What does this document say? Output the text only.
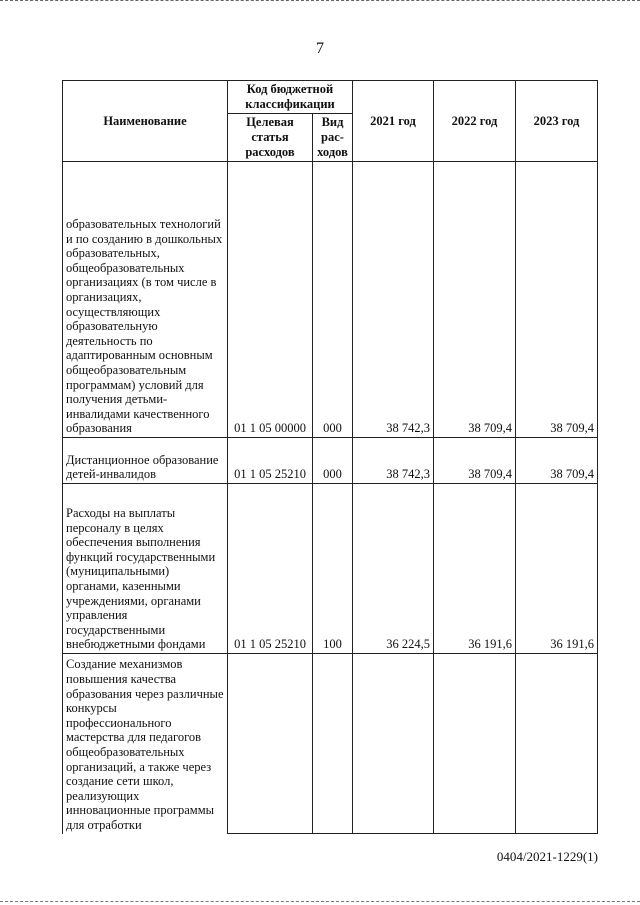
7
Наименование	Код бюджетной классификации		2021 год	2022 год	2023 год
	Целевая статья расходов	Вид рас-ходов			
образовательных технологий и по созданию в дошкольных образовательных, общеобразовательных организациях (в том числе в организациях, осуществляющих образовательную деятельность по адаптированным основным общеобразовательным программам) условий для получения детьми-инвалидами качественного образования	01 1 05 00000	000	38 742,3	38 709,4	38 709,4
Дистанционное образование детей-инвалидов	01 1 05 25210	000	38 742,3	38 709,4	38 709,4
Расходы на выплаты персоналу в целях обеспечения выполнения функций государственными (муниципальными) органами, казенными учреждениями, органами управления государственными внебюджетными фондами	01 1 05 25210	100	36 224,5	36 191,6	36 191,6
Создание механизмов повышения качества образования через различные конкурсы профессионального мастерства для педагогов общеобразовательных организаций, а также через создание сети школ, реализующих инновационные программы для отработки					
0404/2021-1229(1)
